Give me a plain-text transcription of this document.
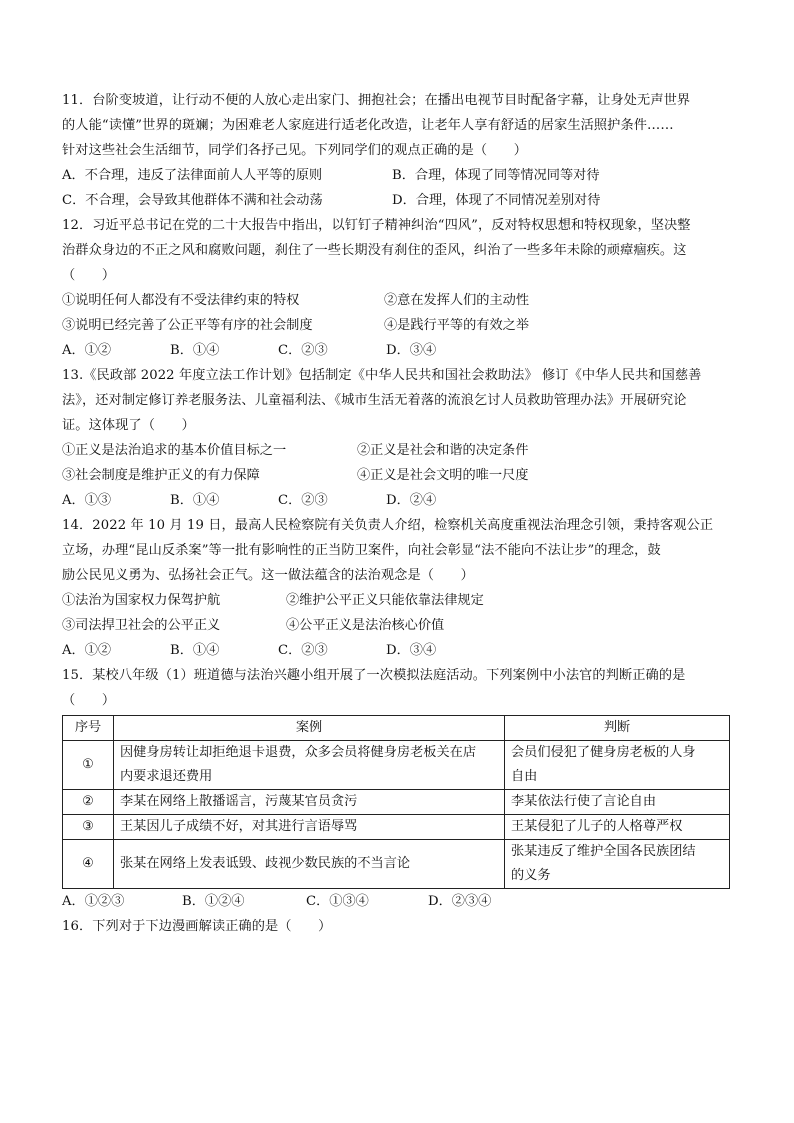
11．台阶变坡道，让行动不便的人放心走出家门、拥抱社会；在播出电视节目时配备字幕，让身处无声世界

的人能“读懂”世界的斑斓；为困难老人家庭进行适老化改造，让老年人享有舒适的居家生活照护条件……

针对这些社会生活细节，同学们各抒己见。下列同学们的观点正确的是（　　）

A．不合理，违反了法律面前人人平等的原则	B．合理，体现了同等情况同等对待
C．不合理，会导致其他群体不满和社会动荡	D．合理，体现了不同情况差别对待

12．习近平总书记在党的二十大报告中指出，以钉钉子精神纠治“四风”，反对特权思想和特权现象，坚决整

治群众身边的不正之风和腐败问题，刹住了一些长期没有刹住的歪风，纠治了一些多年未除的顽瘴痼疾。这

（　　）

①说明任何人都没有不受法律约束的特权	②意在发挥人们的主动性
③说明已经完善了公正平等有序的社会制度	④是践行平等的有效之举
A．①②	B．①④	C．②③	D．③④

13.《民政部 2022 年度立法工作计划》包括制定《中华人民共和国社会救助法》 修订《中华人民共和国慈善

法》，还对制定修订养老服务法、儿童福利法、《城市生活无着落的流浪乞讨人员救助管理办法》开展研究论

证。这体现了（　　）

①正义是法治追求的基本价值目标之一	②正义是社会和谐的决定条件
③社会制度是维护正义的有力保障	④正义是社会文明的唯一尺度
A．①③	B．①④	C．②③	D．②④

14．2022 年 10 月 19 日，最高人民检察院有关负责人介绍，检察机关高度重视法治理念引领，秉持客观公正

立场，办理“昆山反杀案”等一批有影响性的正当防卫案件，向社会彰显“法不能向不法让步”的理念，鼓

励公民见义勇为、弘扬社会正气。这一做法蕴含的法治观念是（　　）

①法治为国家权力保驾护航	②维护公平正义只能依靠法律规定
③司法捍卫社会的公平正义	④公平正义是法治核心价值
A．①②	B．①④	C．②③	D．③④

15．某校八年级（1）班道德与法治兴趣小组开展了一次模拟法庭活动。下列案例中小法官的判断正确的是

（　　）

序号	案例	判断
①	因健身房转让却拒绝退卡退费，众多会员将健身房老板关在店
内要求退还费用	会员们侵犯了健身房老板的人身
自由
②	李某在网络上散播谣言，污蔑某官员贪污	李某依法行使了言论自由
③	王某因儿子成绩不好，对其进行言语辱骂	王某侵犯了儿子的人格尊严权
④	张某在网络上发表诋毁、歧视少数民族的不当言论	张某违反了维护全国各民族团结
的义务
A．①②③	B．①②④	C．①③④	D．②③④

16．下列对于下边漫画解读正确的是（　　）
